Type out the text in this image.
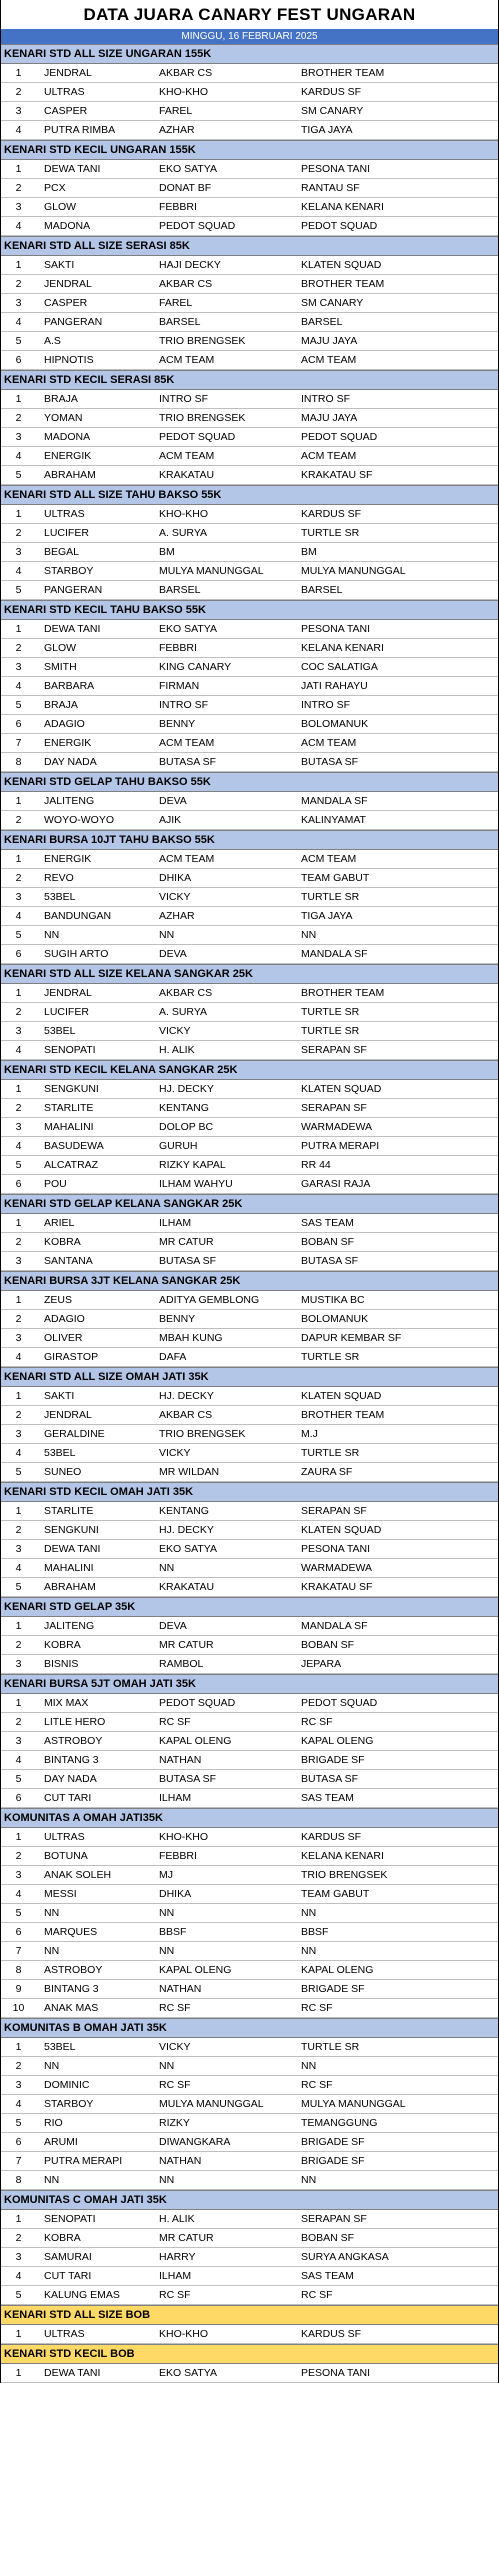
DATA JUARA CANARY FEST UNGARAN
MINGGU, 16 FEBRUARI 2025
KENARI STD ALL SIZE UNGARAN 155K
1	JENDRAL	AKBAR CS	BROTHER TEAM
2	ULTRAS	KHO-KHO	KARDUS SF
3	CASPER	FAREL	SM CANARY
4	PUTRA RIMBA	AZHAR	TIGA JAYA
KENARI STD KECIL UNGARAN 155K
1	DEWA TANI	EKO SATYA	PESONA TANI
2	PCX	DONAT BF	RANTAU SF
3	GLOW	FEBBRI	KELANA KENARI
4	MADONA	PEDOT SQUAD	PEDOT SQUAD
KENARI STD ALL SIZE SERASI 85K
1	SAKTI	HAJI DECKY	KLATEN SQUAD
2	JENDRAL	AKBAR CS	BROTHER TEAM
3	CASPER	FAREL	SM CANARY
4	PANGERAN	BARSEL	BARSEL
5	A.S	TRIO BRENGSEK	MAJU JAYA
6	HIPNOTIS	ACM TEAM	ACM TEAM
KENARI STD KECIL SERASI 85K
1	BRAJA	INTRO SF	INTRO SF
2	YOMAN	TRIO BRENGSEK	MAJU JAYA
3	MADONA	PEDOT SQUAD	PEDOT SQUAD
4	ENERGIK	ACM TEAM	ACM TEAM
5	ABRAHAM	KRAKATAU	KRAKATAU SF
KENARI STD ALL SIZE TAHU BAKSO 55K
1	ULTRAS	KHO-KHO	KARDUS SF
2	LUCIFER	A. SURYA	TURTLE SR
3	BEGAL	BM	BM
4	STARBOY	MULYA MANUNGGAL	MULYA MANUNGGAL
5	PANGERAN	BARSEL	BARSEL
KENARI STD KECIL TAHU BAKSO 55K
1	DEWA TANI	EKO SATYA	PESONA TANI
2	GLOW	FEBBRI	KELANA KENARI
3	SMITH	KING CANARY	COC SALATIGA
4	BARBARA	FIRMAN	JATI RAHAYU
5	BRAJA	INTRO SF	INTRO SF
6	ADAGIO	BENNY	BOLOMANUK
7	ENERGIK	ACM TEAM	ACM TEAM
8	DAY NADA	BUTASA SF	BUTASA SF
KENARI STD GELAP TAHU BAKSO 55K
1	JALITENG	DEVA	MANDALA SF
2	WOYO-WOYO	AJIK	KALINYAMAT
KENARI BURSA 10JT TAHU BAKSO 55K
1	ENERGIK	ACM TEAM	ACM TEAM
2	REVO	DHIKA	TEAM GABUT
3	53BEL	VICKY	TURTLE SR
4	BANDUNGAN	AZHAR	TIGA JAYA
5	NN	NN	NN
6	SUGIH ARTO	DEVA	MANDALA SF
KENARI STD ALL SIZE KELANA SANGKAR 25K
1	JENDRAL	AKBAR CS	BROTHER TEAM
2	LUCIFER	A. SURYA	TURTLE SR
3	53BEL	VICKY	TURTLE SR
4	SENOPATI	H. ALIK	SERAPAN SF
KENARI STD KECIL KELANA SANGKAR 25K
1	SENGKUNI	HJ. DECKY	KLATEN SQUAD
2	STARLITE	KENTANG	SERAPAN SF
3	MAHALINI	DOLOP BC	WARMADEWA
4	BASUDEWA	GURUH	PUTRA MERAPI
5	ALCATRAZ	RIZKY KAPAL	RR 44
6	POU	ILHAM WAHYU	GARASI RAJA
KENARI STD GELAP KELANA SANGKAR 25K
1	ARIEL	ILHAM	SAS TEAM
2	KOBRA	MR CATUR	BOBAN SF
3	SANTANA	BUTASA SF	BUTASA SF
KENARI BURSA 3JT KELANA SANGKAR 25K
1	ZEUS	ADITYA GEMBLONG	MUSTIKA BC
2	ADAGIO	BENNY	BOLOMANUK
3	OLIVER	MBAH KUNG	DAPUR KEMBAR SF
4	GIRASTOP	DAFA	TURTLE SR
KENARI STD ALL SIZE OMAH JATI 35K
1	SAKTI	HJ. DECKY	KLATEN SQUAD
2	JENDRAL	AKBAR CS	BROTHER TEAM
3	GERALDINE	TRIO BRENGSEK	M.J
4	53BEL	VICKY	TURTLE SR
5	SUNEO	MR WILDAN	ZAURA SF
KENARI STD KECIL OMAH JATI 35K
1	STARLITE	KENTANG	SERAPAN SF
2	SENGKUNI	HJ. DECKY	KLATEN SQUAD
3	DEWA TANI	EKO SATYA	PESONA TANI
4	MAHALINI	NN	WARMADEWA
5	ABRAHAM	KRAKATAU	KRAKATAU SF
KENARI STD GELAP 35K
1	JALITENG	DEVA	MANDALA SF
2	KOBRA	MR CATUR	BOBAN SF
3	BISNIS	RAMBOL	JEPARA
KENARI BURSA 5JT OMAH JATI 35K
1	MIX MAX	PEDOT SQUAD	PEDOT SQUAD
2	LITLE HERO	RC SF	RC SF
3	ASTROBOY	KAPAL OLENG	KAPAL OLENG
4	BINTANG 3	NATHAN	BRIGADE SF
5	DAY NADA	BUTASA SF	BUTASA SF
6	CUT TARI	ILHAM	SAS TEAM
KOMUNITAS A OMAH JATI35K
1	ULTRAS	KHO-KHO	KARDUS SF
2	BOTUNA	FEBBRI	KELANA KENARI
3	ANAK SOLEH	MJ	TRIO BRENGSEK
4	MESSI	DHIKA	TEAM GABUT
5	NN	NN	NN
6	MARQUES	BBSF	BBSF
7	NN	NN	NN
8	ASTROBOY	KAPAL OLENG	KAPAL OLENG
9	BINTANG 3	NATHAN	BRIGADE SF
10	ANAK MAS	RC SF	RC SF
KOMUNITAS B OMAH JATI 35K
1	53BEL	VICKY	TURTLE SR
2	NN	NN	NN
3	DOMINIC	RC SF	RC SF
4	STARBOY	MULYA MANUNGGAL	MULYA MANUNGGAL
5	RIO	RIZKY	TEMANGGUNG
6	ARUMI	DIWANGKARA	BRIGADE SF
7	PUTRA MERAPI	NATHAN	BRIGADE SF
8	NN	NN	NN
KOMUNITAS C OMAH JATI 35K
1	SENOPATI	H. ALIK	SERAPAN SF
2	KOBRA	MR CATUR	BOBAN SF
3	SAMURAI	HARRY	SURYA ANGKASA
4	CUT TARI	ILHAM	SAS TEAM
5	KALUNG EMAS	RC SF	RC SF
KENARI STD ALL SIZE BOB
1	ULTRAS	KHO-KHO	KARDUS SF
KENARI STD KECIL BOB
1	DEWA TANI	EKO SATYA	PESONA TANI
